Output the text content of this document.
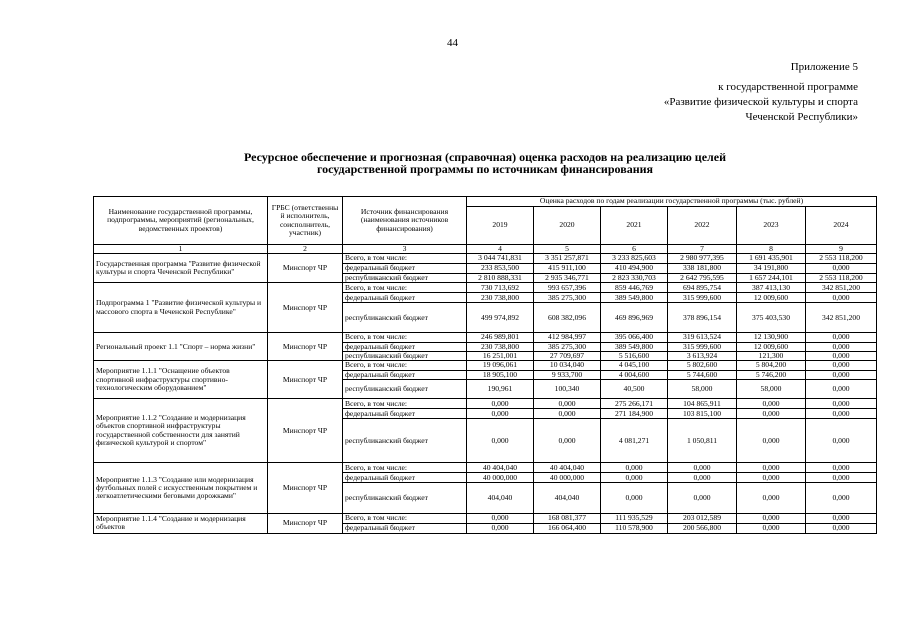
44
Приложение 5
к государственной программе
«Развитие физической культуры и спорта
Чеченской Республики»
Ресурсное обеспечение и прогнозная (справочная) оценка расходов на реализацию целей
государственной программы по источникам финансирования
Наименование государственной программы, подпрограммы, мероприятий (региональных, ведомственных проектов)	ГРБС (ответственны й исполнитель, соисполнитель, участник)	Источник финансирования (наименования источников финансирования)	Оценка расходов по годам реализации государственной программы (тыс. рублей)					
			2019	2020	2021	2022	2023	2024
1	2	3	4	5	6	7	8	9
Государственная программа "Развитие физической культуры и спорта Чеченской Республики"	Минспорт ЧР	Всего, в том числе:	3 044 741,831	3 351 257,871	3 233 825,603	2 980 977,395	1 691 435,901	2 553 118,200
		федеральный бюджет	233 853,500	415 911,100	410 494,900	338 181,800	34 191,800	0,000
		республиканский бюджет	2 810 888,331	2 935 346,771	2 823 330,703	2 642 795,595	1 657 244,101	2 553 118,200
Подпрограмма 1 "Развитие физической культуры и массового спорта в Чеченской Республике"	Минспорт ЧР	Всего, в том числе:	730 713,692	993 657,396	859 446,769	694 895,754	387 413,130	342 851,200
		федеральный бюджет	230 738,800	385 275,300	389 549,800	315 999,600	12 009,600	0,000
		республиканский бюджет	499 974,892	608 382,096	469 896,969	378 896,154	375 403,530	342 851,200
Региональный проект 1.1 "Спорт – норма жизни"	Минспорт ЧР	Всего, в том числе:	246 989,801	412 984,997	395 066,400	319 613,524	12 130,900	0,000
		федеральный бюджет	230 738,800	385 275,300	389 549,800	315 999,600	12 009,600	0,000
		республиканский бюджет	16 251,001	27 709,697	5 516,600	3 613,924	121,300	0,000
Мероприятие 1.1.1 "Оснащение объектов спортивной инфраструктуры спортивно-технологическим оборудованием"	Минспорт ЧР	Всего, в том числе:	19 096,061	10 034,040	4 045,100	5 802,600	5 804,200	0,000
		федеральный бюджет	18 905,100	9 933,700	4 004,600	5 744,600	5 746,200	0,000
		республиканский бюджет	190,961	100,340	40,500	58,000	58,000	0,000
Мероприятие 1.1.2 "Создание и модернизация объектов спортивной инфраструктуры государственной собственности для занятий физической культурой и спортом"	Минспорт ЧР	Всего, в том числе:	0,000	0,000	275 266,171	104 865,911	0,000	0,000
		федеральный бюджет	0,000	0,000	271 184,900	103 815,100	0,000	0,000
		республиканский бюджет	0,000	0,000	4 081,271	1 050,811	0,000	0,000
Мероприятие 1.1.3 "Создание или модернизация футбольных полей с искусственным покрытием и легкоатлетическими беговыми дорожками"	Минспорт ЧР	Всего, в том числе:	40 404,040	40 404,040	0,000	0,000	0,000	0,000
		федеральный бюджет	40 000,000	40 000,000	0,000	0,000	0,000	0,000
		республиканский бюджет	404,040	404,040	0,000	0,000	0,000	0,000
Мероприятие 1.1.4 "Создание и модернизация объектов	Минспорт ЧР	Всего, в том числе:	0,000	168 081,377	111 935,529	203 012,589	0,000	0,000
		федеральный бюджет	0,000	166 064,400	110 578,900	200 566,800	0,000	0,000
